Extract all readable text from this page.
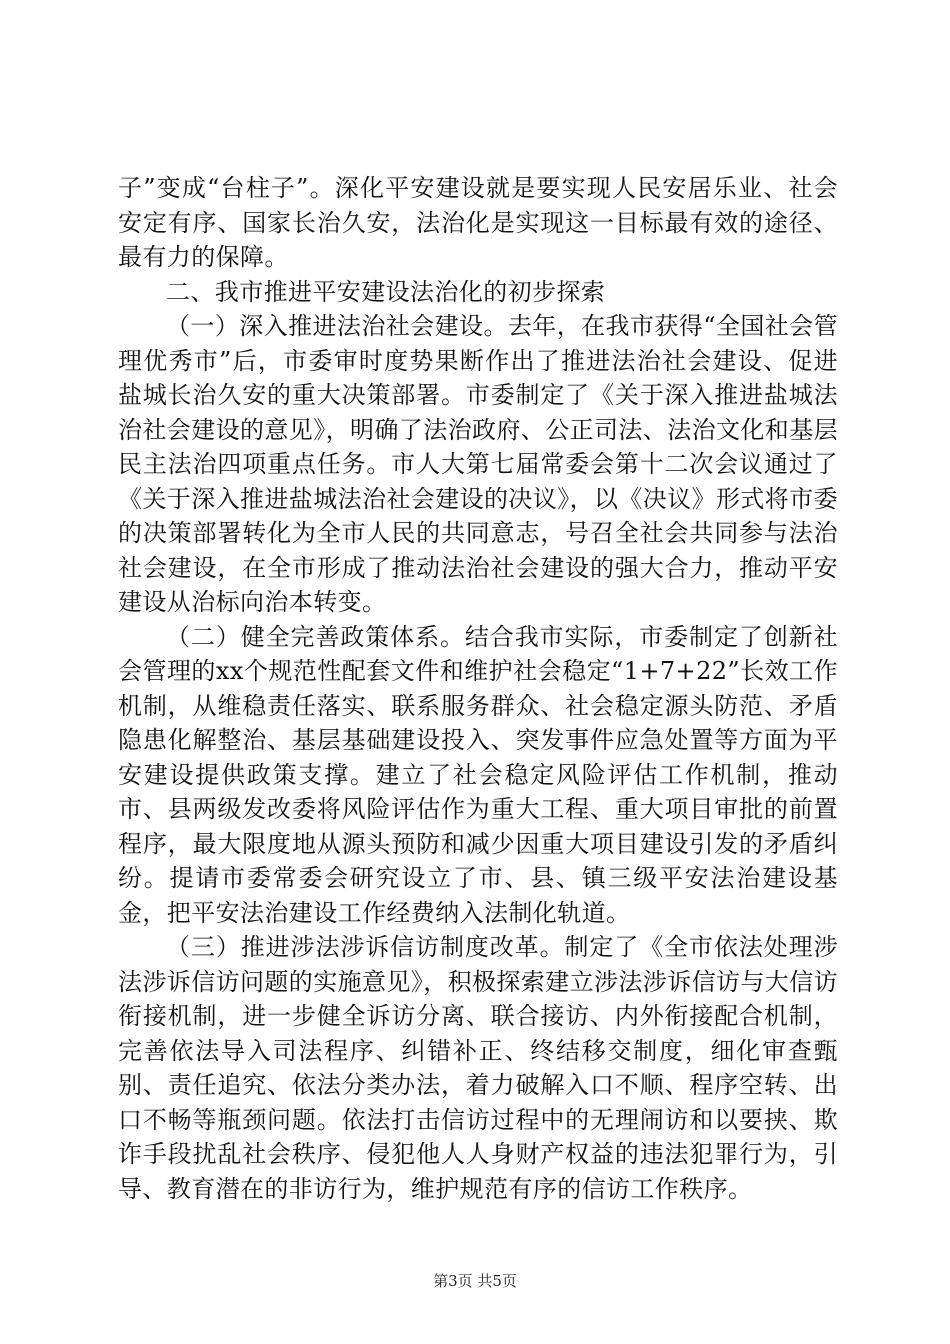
子”变成“台柱子”。深化平安建设就是要实现人民安居乐业、社会安定有序、国家长治久安，法治化是实现这一目标最有效的途径、最有力的保障。

二、我市推进平安建设法治化的初步探索

（一）深入推进法治社会建设。去年，在我市获得“全国社会管理优秀市”后，市委审时度势果断作出了推进法治社会建设、促进盐城长治久安的重大决策部署。市委制定了《关于深入推进盐城法治社会建设的意见》，明确了法治政府、公正司法、法治文化和基层民主法治四项重点任务。市人大第七届常委会第十二次会议通过了《关于深入推进盐城法治社会建设的决议》，以《决议》形式将市委的决策部署转化为全市人民的共同意志，号召全社会共同参与法治社会建设，在全市形成了推动法治社会建设的强大合力，推动平安建设从治标向治本转变。

（二）健全完善政策体系。结合我市实际，市委制定了创新社会管理的xx个规范性配套文件和维护社会稳定“1+7+22”长效工作机制，从维稳责任落实、联系服务群众、社会稳定源头防范、矛盾隐患化解整治、基层基础建设投入、突发事件应急处置等方面为平安建设提供政策支撑。建立了社会稳定风险评估工作机制，推动市、县两级发改委将风险评估作为重大工程、重大项目审批的前置程序，最大限度地从源头预防和减少因重大项目建设引发的矛盾纠纷。提请市委常委会研究设立了市、县、镇三级平安法治建设基金，把平安法治建设工作经费纳入法制化轨道。

（三）推进涉法涉诉信访制度改革。制定了《全市依法处理涉法涉诉信访问题的实施意见》，积极探索建立涉法涉诉信访与大信访衔接机制，进一步健全诉访分离、联合接访、内外衔接配合机制，完善依法导入司法程序、纠错补正、终结移交制度，细化审查甄别、责任追究、依法分类办法，着力破解入口不顺、程序空转、出口不畅等瓶颈问题。依法打击信访过程中的无理闹访和以要挟、欺诈手段扰乱社会秩序、侵犯他人人身财产权益的违法犯罪行为，引导、教育潜在的非访行为，维护规范有序的信访工作秩序。

第3页 共5页
